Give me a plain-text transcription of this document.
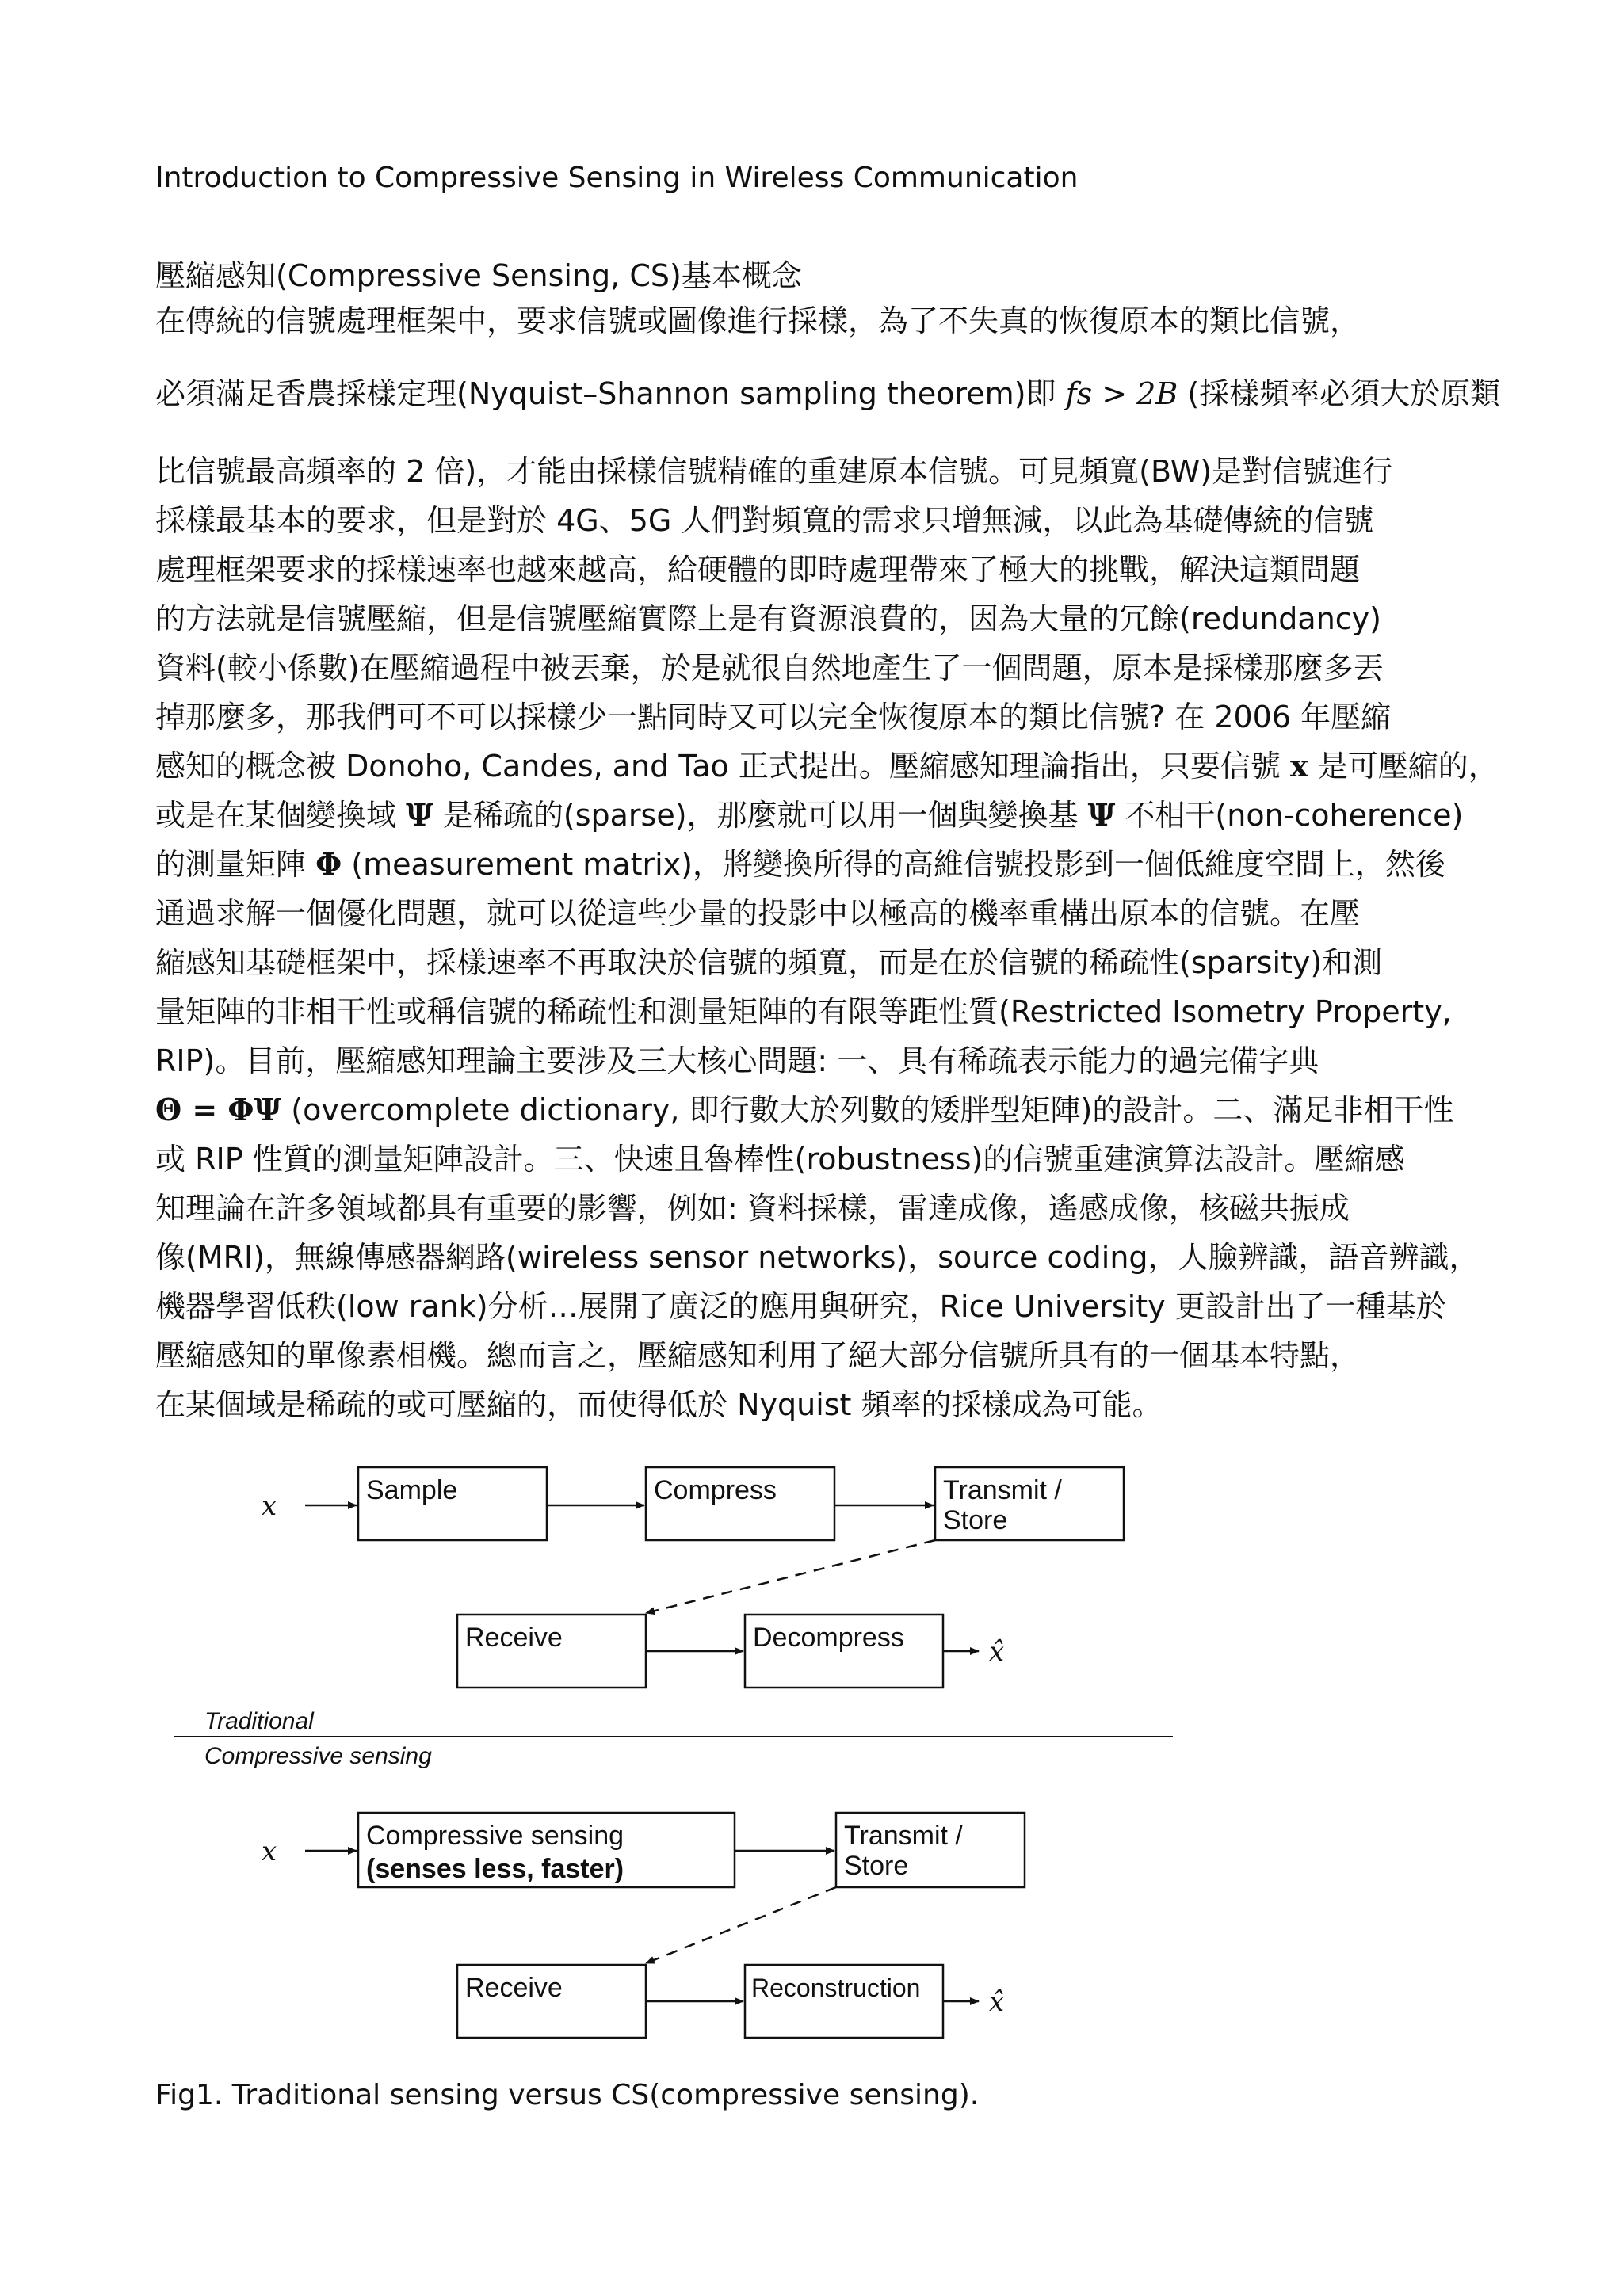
Introduction to Compressive Sensing in Wireless Communication
壓縮感知(Compressive Sensing, CS)基本概念
在傳統的信號處理框架中，要求信號或圖像進行採樣，為了不失真的恢復原本的類比信號，
必須滿足香農採樣定理(Nyquist–Shannon sampling theorem)即 fs > 2B (採樣頻率必須大於原類
比信號最高頻率的 2 倍)，才能由採樣信號精確的重建原本信號。可見頻寬(BW)是對信號進行
採樣最基本的要求，但是對於 4G、5G 人們對頻寬的需求只增無減，以此為基礎傳統的信號
處理框架要求的採樣速率也越來越高，給硬體的即時處理帶來了極大的挑戰，解決這類問題
的方法就是信號壓縮，但是信號壓縮實際上是有資源浪費的，因為大量的冗餘(redundancy)
資料(較小係數)在壓縮過程中被丟棄，於是就很自然地產生了一個問題，原本是採樣那麼多丟
掉那麼多，那我們可不可以採樣少一點同時又可以完全恢復原本的類比信號? 在 2006 年壓縮
感知的概念被 Donoho, Candes, and Tao 正式提出。壓縮感知理論指出，只要信號 x 是可壓縮的，
或是在某個變換域 Ψ 是稀疏的(sparse)，那麼就可以用一個與變換基 Ψ 不相干(non-coherence)
的測量矩陣 Φ (measurement matrix)，將變換所得的高維信號投影到一個低維度空間上，然後
通過求解一個優化問題，就可以從這些少量的投影中以極高的機率重構出原本的信號。在壓
縮感知基礎框架中，採樣速率不再取決於信號的頻寬，而是在於信號的稀疏性(sparsity)和測
量矩陣的非相干性或稱信號的稀疏性和測量矩陣的有限等距性質(Restricted Isometry Property,
RIP)。目前，壓縮感知理論主要涉及三大核心問題: 一、具有稀疏表示能力的過完備字典
Θ = ΦΨ (overcomplete dictionary, 即行數大於列數的矮胖型矩陣)的設計。二、滿足非相干性
或 RIP 性質的測量矩陣設計。三、快速且魯棒性(robustness)的信號重建演算法設計。壓縮感
知理論在許多領域都具有重要的影響，例如: 資料採樣，雷達成像，遙感成像，核磁共振成
像(MRI)，無線傳感器網路(wireless sensor networks)，source coding，人臉辨識，語音辨識，
機器學習低秩(low rank)分析…展開了廣泛的應用與研究，Rice University 更設計出了一種基於
壓縮感知的單像素相機。總而言之，壓縮感知利用了絕大部分信號所具有的一個基本特點，
在某個域是稀疏的或可壓縮的，而使得低於 Nyquist 頻率的採樣成為可能。
x	Sample	Compress	Transmit /
Store
Receive	Decompress	x̂
Traditional
Compressive sensing
x	Compressive sensing
(senses less, faster)
Transmit /
Store
Receive	Reconstruction	x̂
Fig1. Traditional sensing versus CS(compressive sensing).
